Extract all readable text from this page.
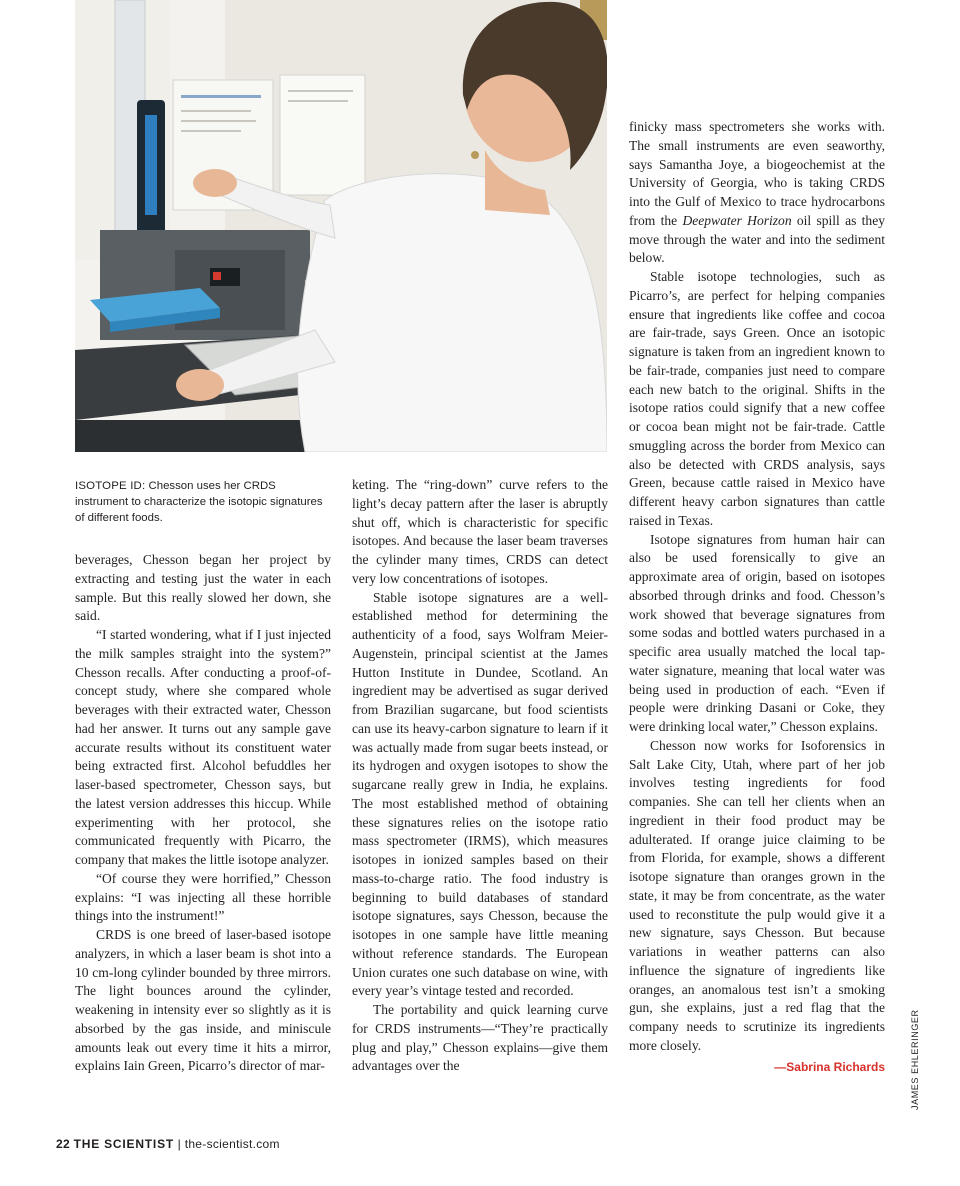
ISOTOPE ID: Chesson uses her CRDS instrument to characterize the isotopic signatures of different foods.

beverages, Chesson began her project by extracting and testing just the water in each sample. But this really slowed her down, she said.

“I started wondering, what if I just injected the milk samples straight into the system?” Chesson recalls. After conducting a proof-of-concept study, where she compared whole beverages with their extracted water, Chesson had her answer. It turns out any sample gave accurate results without its constituent water being extracted first. Alcohol befuddles her laser-based spectrometer, Chesson says, but the latest version addresses this hiccup. While experimenting with her protocol, she communicated frequently with Picarro, the company that makes the little isotope analyzer.

“Of course they were horrified,” Chesson explains: “I was injecting all these horrible things into the instrument!”

CRDS is one breed of laser-based isotope analyzers, in which a laser beam is shot into a 10 cm-long cylinder bounded by three mirrors. The light bounces around the cylinder, weakening in intensity ever so slightly as it is absorbed by the gas inside, and miniscule amounts leak out every time it hits a mirror, explains Iain Green, Picarro’s director of mar-

keting. The “ring-down” curve refers to the light’s decay pattern after the laser is abruptly shut off, which is characteristic for specific isotopes. And because the laser beam traverses the cylinder many times, CRDS can detect very low concentrations of isotopes.

Stable isotope signatures are a well-established method for determining the authenticity of a food, says Wolfram Meier-Augenstein, principal scientist at the James Hutton Institute in Dundee, Scotland. An ingredient may be advertised as sugar derived from Brazilian sugarcane, but food scientists can use its heavy-carbon signature to learn if it was actually made from sugar beets instead, or its hydrogen and oxygen isotopes to show the sugarcane really grew in India, he explains. The most established method of obtaining these signatures relies on the isotope ratio mass spectrometer (IRMS), which measures isotopes in ionized samples based on their mass-to-charge ratio. The food industry is beginning to build databases of standard isotope signatures, says Chesson, because the isotopes in one sample have little meaning without reference standards. The European Union curates one such database on wine, with every year’s vintage tested and recorded.

The portability and quick learning curve for CRDS instruments—“They’re practically plug and play,” Chesson explains—give them advantages over the

finicky mass spectrometers she works with. The small instruments are even seaworthy, says Samantha Joye, a biogeochemist at the University of Georgia, who is taking CRDS into the Gulf of Mexico to trace hydrocarbons from the Deepwater Horizon oil spill as they move through the water and into the sediment below.

Stable isotope technologies, such as Picarro’s, are perfect for helping companies ensure that ingredients like coffee and cocoa are fair-trade, says Green. Once an isotopic signature is taken from an ingredient known to be fair-trade, companies just need to compare each new batch to the original. Shifts in the isotope ratios could signify that a new coffee or cocoa bean might not be fair-trade. Cattle smuggling across the border from Mexico can also be detected with CRDS analysis, says Green, because cattle raised in Mexico have different heavy carbon signatures than cattle raised in Texas.

Isotope signatures from human hair can also be used forensically to give an approximate area of origin, based on isotopes absorbed through drinks and food. Chesson’s work showed that beverage signatures from some sodas and bottled waters purchased in a specific area usually matched the local tap-water signature, meaning that local water was being used in production of each. “Even if people were drinking Dasani or Coke, they were drinking local water,” Chesson explains.

Chesson now works for Isoforensics in Salt Lake City, Utah, where part of her job involves testing ingredients for food companies. She can tell her clients when an ingredient in their food product may be adulterated. If orange juice claiming to be from Florida, for example, shows a different isotope signature than oranges grown in the state, it may be from concentrate, as the water used to reconstitute the pulp would give it a new signature, says Chesson. But because variations in weather patterns can also influence the signature of ingredients like oranges, an anomalous test isn’t a smoking gun, she explains, just a red flag that the company needs to scrutinize its ingredients more closely.

—Sabrina Richards	JAMES EHLERINGER
22 THE SCIENTIST | the-scientist.com
